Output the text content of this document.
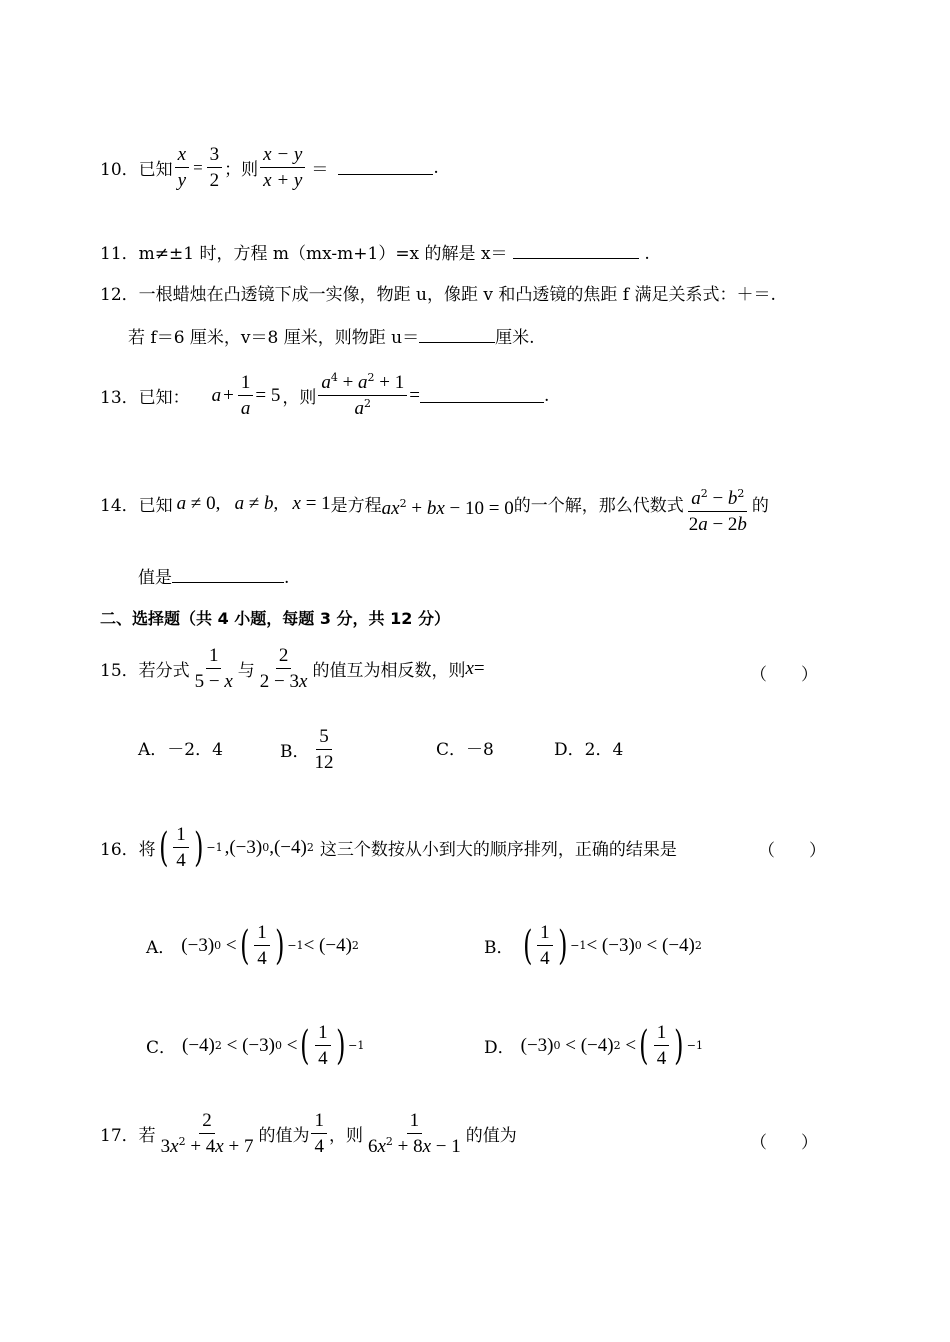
10． 已知 $\frac{x}{y} = \frac{3}{2}$ ；则 $\frac{x - y}{x + y}$ ＝	.
11．m≠±1 时，方程 m（mx-m+1）=x 的解是 x＝	.
12．一根蜡烛在凸透镜下成一实像，物距 u，像距 v 和凸透镜的焦距 f 满足关系式：＋＝.
若 f＝6 厘米，v＝8 厘米，则物距 u＝	厘米.
13． 已知： $a + \frac{1}{a} = 5$ ，则 $\frac{a^4 + a^2 + 1}{a^2}$ =	.
14． 已知 a ≠ 0, a ≠ b , x = 1 是方程 $ax^2$ + bx − 10 = 0 的一个解，那么代数式 $\frac{a^2 - b^2}{2a - 2b}$ 的
值是	.
二、选择题（共 4 小题，每题 3 分，共 12 分）
15． 若分式 $\frac{1}{5 - x}$ 与 $\frac{2}{2 - 3x}$ 的值互为相反数，则 x =	（　　）
A．－2．4	B． $\frac{5}{12}$	C．－8	D．2．4
16． 将 ( $\frac{1}{4}$ ) −1 ,(−3) 0 ,(−4) 2 这三个数按从小到大的顺序排列，正确的结果是	（　　）
A． (−3) 0 < ( $\frac{1}{4}$ ) −1 < (−4) 2	B． ( $\frac{1}{4}$ ) −1 < (−3) 0 < (−4) 2
C． (−4) 2 < (−3) 0 < ( $\frac{1}{4}$ ) −1	D． (−3) 0 < (−4) 2 < ( $\frac{1}{4}$ ) −1
17． 若 $\frac{2}{3x^2 + 4x + 7}$ 的值为 $\frac{1}{4}$ ，则 $\frac{1}{6x^2 + 8x - 1}$ 的值为	（　　）
